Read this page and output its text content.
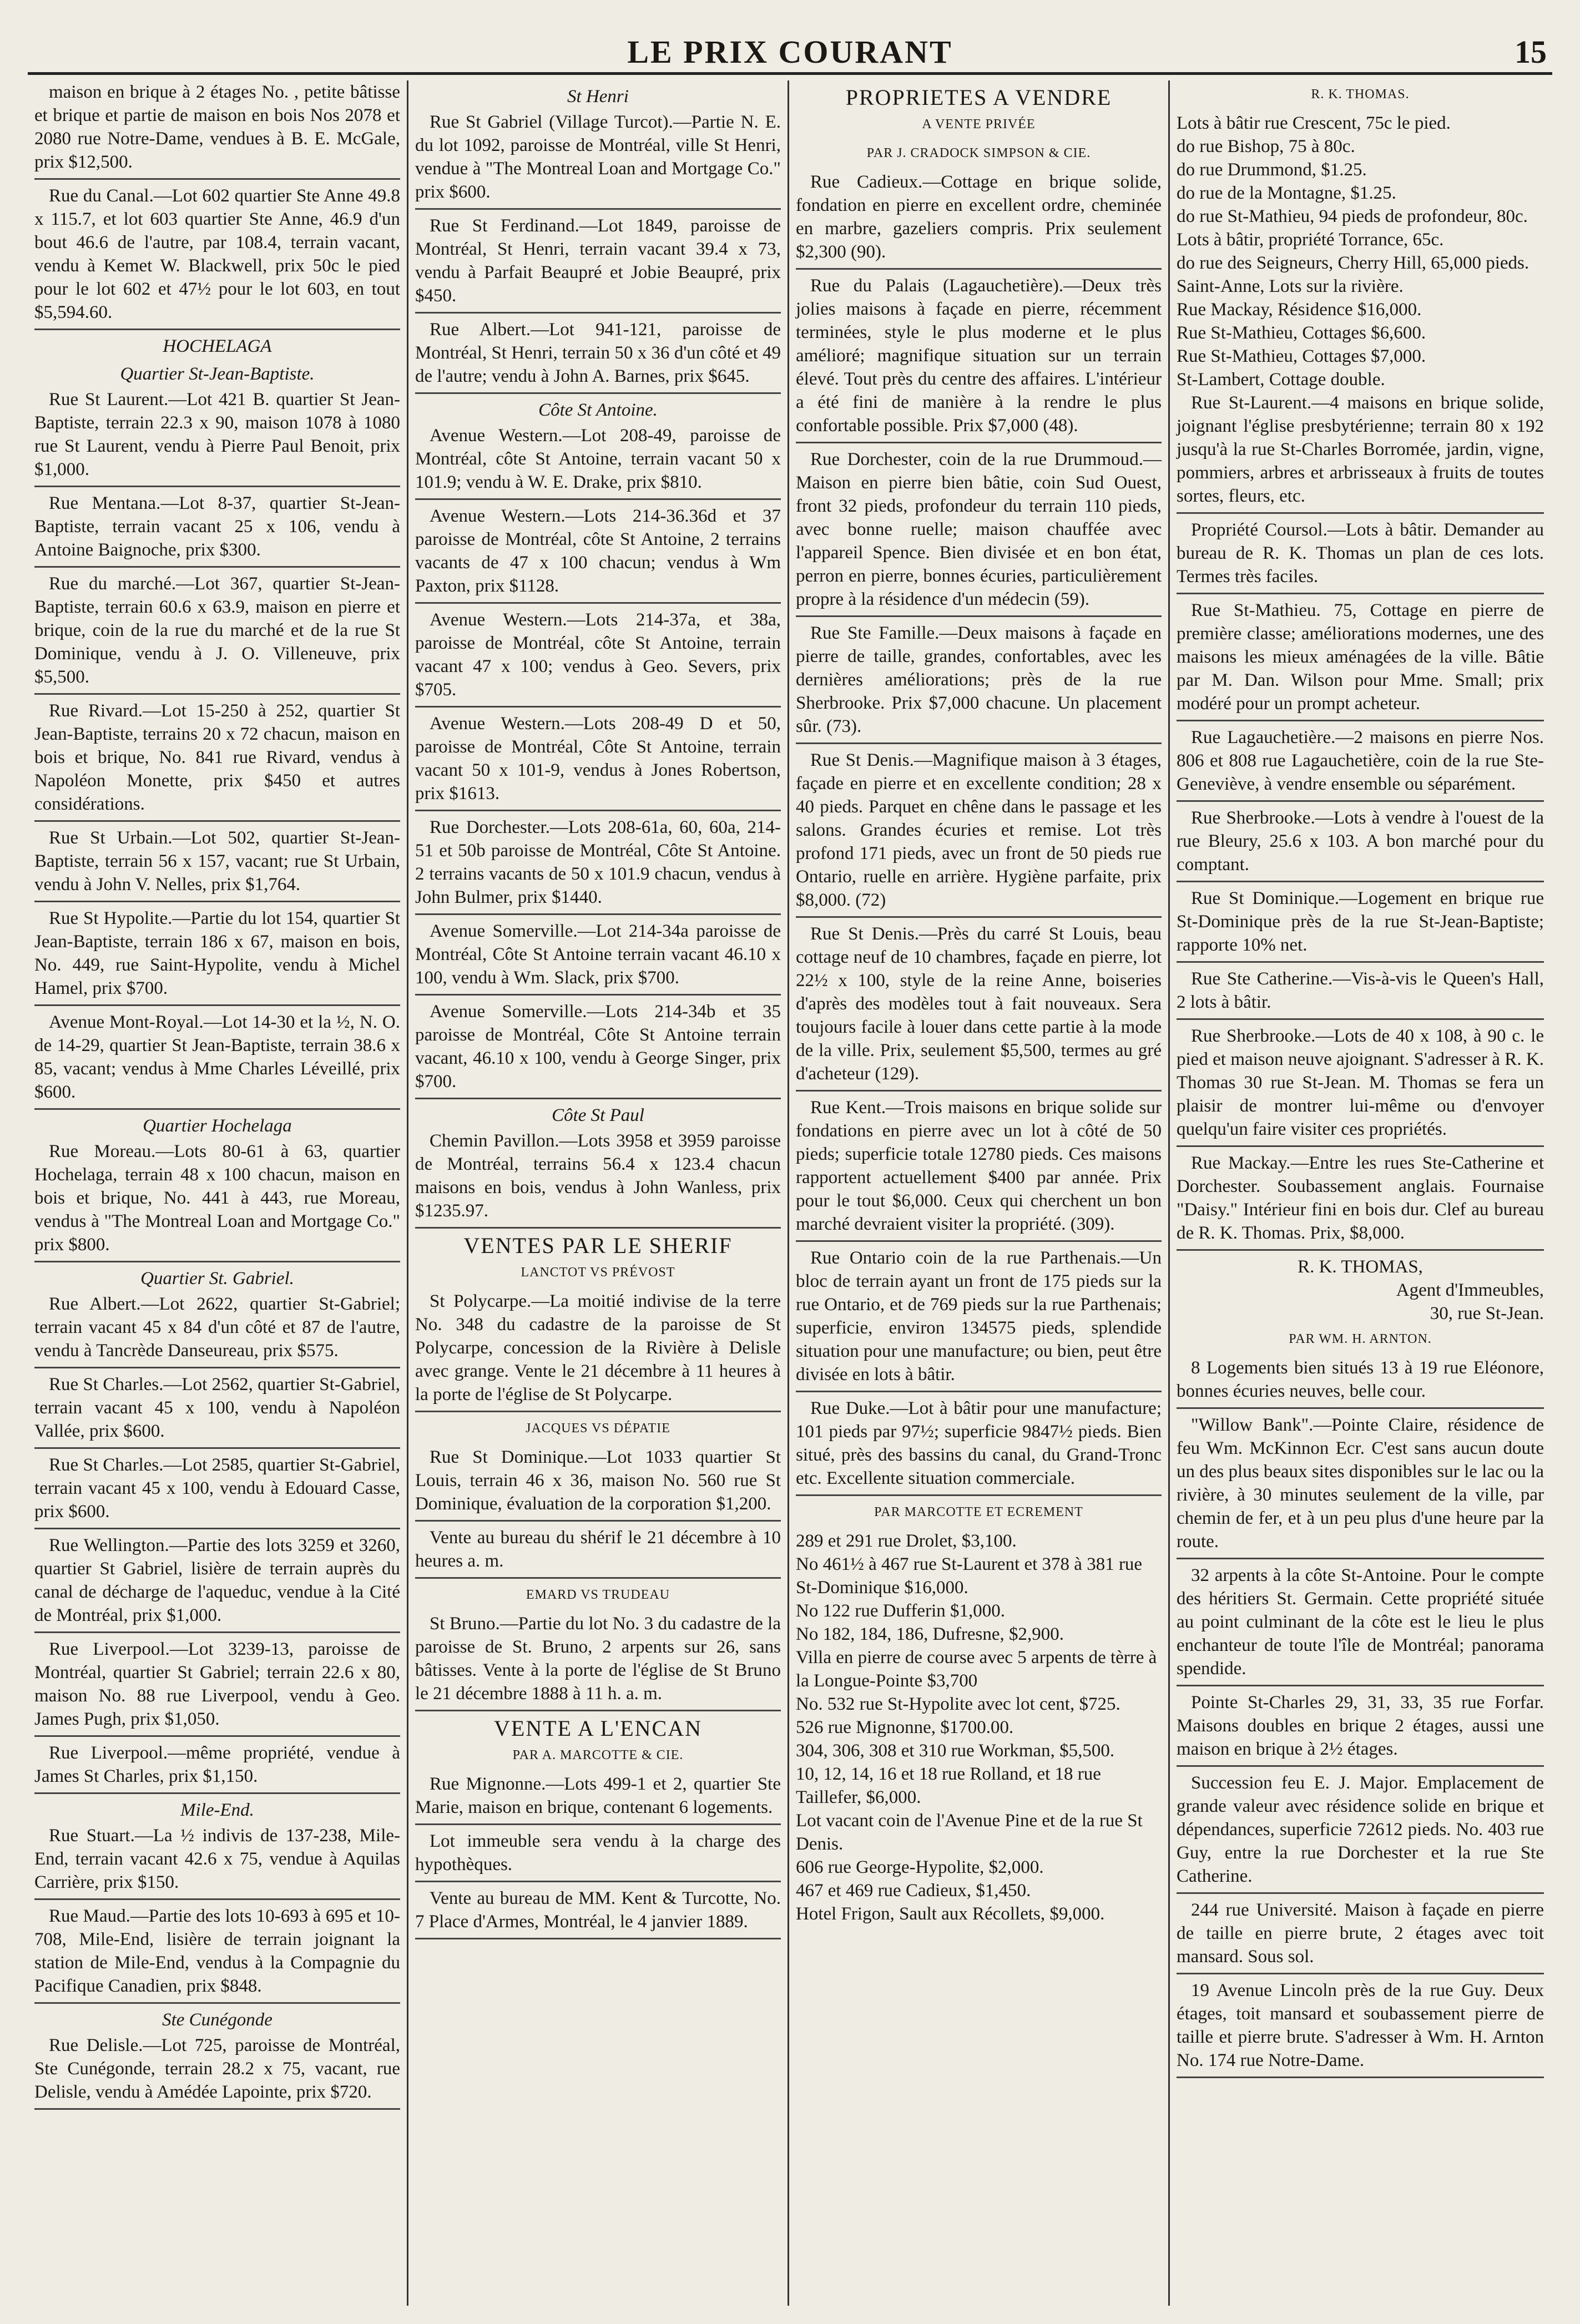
LE PRIX COURANT	15
maison en brique à 2 étages No. , petite bâtisse et brique et partie de maison en bois Nos 2078 et 2080 rue Notre-Dame, vendues à B. E. McGale, prix $12,500.
Rue du Canal.—Lot 602 quartier Ste Anne 49.8 x 115.7, et lot 603 quartier Ste Anne, 46.9 d'un bout 46.6 de l'autre, par 108.4, terrain vacant, vendu à Kemet W. Blackwell, prix 50c le pied pour le lot 602 et 47½ pour le lot 603, en tout $5,594.60.
HOCHELAGA
Quartier St-Jean-Baptiste.
Rue St Laurent.—Lot 421 B. quartier St Jean-Baptiste, terrain 22.3 x 90, maison 1078 à 1080 rue St Laurent, vendu à Pierre Paul Benoit, prix $1,000.
Rue Mentana.—Lot 8-37, quartier St-Jean-Baptiste, terrain vacant 25 x 106, vendu à Antoine Baignoche, prix $300.
Rue du marché.—Lot 367, quartier St-Jean-Baptiste, terrain 60.6 x 63.9, maison en pierre et brique, coin de la rue du marché et de la rue St Dominique, vendu à J. O. Villeneuve, prix $5,500.
Rue Rivard.—Lot 15-250 à 252, quartier St Jean-Baptiste, terrains 20 x 72 chacun, maison en bois et brique, No. 841 rue Rivard, vendus à Napoléon Monette, prix $450 et autres considérations.
Rue St Urbain.—Lot 502, quartier St-Jean-Baptiste, terrain 56 x 157, vacant; rue St Urbain, vendu à John V. Nelles, prix $1,764.
Rue St Hypolite.—Partie du lot 154, quartier St Jean-Baptiste, terrain 186 x 67, maison en bois, No. 449, rue Saint-Hypolite, vendu à Michel Hamel, prix $700.
Avenue Mont-Royal.—Lot 14-30 et la ½, N. O. de 14-29, quartier St Jean-Baptiste, terrain 38.6 x 85, vacant; vendus à Mme Charles Léveillé, prix $600.
Quartier Hochelaga
Rue Moreau.—Lots 80-61 à 63, quartier Hochelaga, terrain 48 x 100 chacun, maison en bois et brique, No. 441 à 443, rue Moreau, vendus à "The Montreal Loan and Mortgage Co." prix $800.
Quartier St. Gabriel.
Rue Albert.—Lot 2622, quartier St-Gabriel; terrain vacant 45 x 84 d'un côté et 87 de l'autre, vendu à Tancrède Danseureau, prix $575.
Rue St Charles.—Lot 2562, quartier St-Gabriel, terrain vacant 45 x 100, vendu à Napoléon Vallée, prix $600.
Rue St Charles.—Lot 2585, quartier St-Gabriel, terrain vacant 45 x 100, vendu à Edouard Casse, prix $600.
Rue Wellington.—Partie des lots 3259 et 3260, quartier St Gabriel, lisière de terrain auprès du canal de décharge de l'aqueduc, vendue à la Cité de Montréal, prix $1,000.
Rue Liverpool.—Lot 3239-13, paroisse de Montréal, quartier St Gabriel; terrain 22.6 x 80, maison No. 88 rue Liverpool, vendu à Geo. James Pugh, prix $1,050.
Rue Liverpool.—même propriété, vendue à James St Charles, prix $1,150.
Mile-End.
Rue Stuart.—La ½ indivis de 137-238, Mile-End, terrain vacant 42.6 x 75, vendue à Aquilas Carrière, prix $150.
Rue Maud.—Partie des lots 10-693 à 695 et 10-708, Mile-End, lisière de terrain joignant la station de Mile-End, vendus à la Compagnie du Pacifique Canadien, prix $848.
Ste Cunégonde
Rue Delisle.—Lot 725, paroisse de Montréal, Ste Cunégonde, terrain 28.2 x 75, vacant, rue Delisle, vendu à Amédée Lapointe, prix $720.
St Henri
Rue St Gabriel (Village Turcot).—Partie N. E. du lot 1092, paroisse de Montréal, ville St Henri, vendue à "The Montreal Loan and Mortgage Co." prix $600.
Rue St Ferdinand.—Lot 1849, paroisse de Montréal, St Henri, terrain vacant 39.4 x 73, vendu à Parfait Beaupré et Jobie Beaupré, prix $450.
Rue Albert.—Lot 941-121, paroisse de Montréal, St Henri, terrain 50 x 36 d'un côté et 49 de l'autre; vendu à John A. Barnes, prix $645.
Côte St Antoine.
Avenue Western.—Lot 208-49, paroisse de Montréal, côte St Antoine, terrain vacant 50 x 101.9; vendu à W. E. Drake, prix $810.
Avenue Western.—Lots 214-36.36d et 37 paroisse de Montréal, côte St Antoine, 2 terrains vacants de 47 x 100 chacun; vendus à Wm Paxton, prix $1128.
Avenue Western.—Lots 214-37a, et 38a, paroisse de Montréal, côte St Antoine, terrain vacant 47 x 100; vendus à Geo. Severs, prix $705.
Avenue Western.—Lots 208-49 D et 50, paroisse de Montréal, Côte St Antoine, terrain vacant 50 x 101-9, vendus à Jones Robertson, prix $1613.
Rue Dorchester.—Lots 208-61a, 60, 60a, 214-51 et 50b paroisse de Montréal, Côte St Antoine. 2 terrains vacants de 50 x 101.9 chacun, vendus à John Bulmer, prix $1440.
Avenue Somerville.—Lot 214-34a paroisse de Montréal, Côte St Antoine terrain vacant 46.10 x 100, vendu à Wm. Slack, prix $700.
Avenue Somerville.—Lots 214-34b et 35 paroisse de Montréal, Côte St Antoine terrain vacant, 46.10 x 100, vendu à George Singer, prix $700.
Côte St Paul
Chemin Pavillon.—Lots 3958 et 3959 paroisse de Montréal, terrains 56.4 x 123.4 chacun maisons en bois, vendus à John Wanless, prix $1235.97.
VENTES PAR LE SHERIF
LANCTOT VS PRÉVOST
St Polycarpe.—La moitié indivise de la terre No. 348 du cadastre de la paroisse de St Polycarpe, concession de la Rivière à Delisle avec grange. Vente le 21 décembre à 11 heures à la porte de l'église de St Polycarpe.
JACQUES VS DÉPATIE
Rue St Dominique.—Lot 1033 quartier St Louis, terrain 46 x 36, maison No. 560 rue St Dominique, évaluation de la corporation $1,200.
Vente au bureau du shérif le 21 décembre à 10 heures a. m.
EMARD VS TRUDEAU
St Bruno.—Partie du lot No. 3 du cadastre de la paroisse de St. Bruno, 2 arpents sur 26, sans bâtisses. Vente à la porte de l'église de St Bruno le 21 décembre 1888 à 11 h. a. m.
VENTE A L'ENCAN
PAR A. MARCOTTE & CIE.
Rue Mignonne.—Lots 499-1 et 2, quartier Ste Marie, maison en brique, contenant 6 logements.
Lot immeuble sera vendu à la charge des hypothèques.
Vente au bureau de MM. Kent & Turcotte, No. 7 Place d'Armes, Montréal, le 4 janvier 1889.
PROPRIETES A VENDRE
A VENTE PRIVÉE
PAR J. CRADOCK SIMPSON & CIE.
Rue Cadieux.—Cottage en brique solide, fondation en pierre en excellent ordre, cheminée en marbre, gazeliers compris. Prix seulement $2,300 (90).
Rue du Palais (Lagauchetière).—Deux très jolies maisons à façade en pierre, récemment terminées, style le plus moderne et le plus amélioré; magnifique situation sur un terrain élevé. Tout près du centre des affaires. L'intérieur a été fini de manière à la rendre le plus confortable possible. Prix $7,000 (48).
Rue Dorchester, coin de la rue Drummoud.—Maison en pierre bien bâtie, coin Sud Ouest, front 32 pieds, profondeur du terrain 110 pieds, avec bonne ruelle; maison chauffée avec l'appareil Spence. Bien divisée et en bon état, perron en pierre, bonnes écuries, particulièrement propre à la résidence d'un médecin (59).
Rue Ste Famille.—Deux maisons à façade en pierre de taille, grandes, confortables, avec les dernières améliorations; près de la rue Sherbrooke. Prix $7,000 chacune. Un placement sûr. (73).
Rue St Denis.—Magnifique maison à 3 étages, façade en pierre et en excellente condition; 28 x 40 pieds. Parquet en chêne dans le passage et les salons. Grandes écuries et remise. Lot très profond 171 pieds, avec un front de 50 pieds rue Ontario, ruelle en arrière. Hygiène parfaite, prix $8,000. (72)
Rue St Denis.—Près du carré St Louis, beau cottage neuf de 10 chambres, façade en pierre, lot 22½ x 100, style de la reine Anne, boiseries d'après des modèles tout à fait nouveaux. Sera toujours facile à louer dans cette partie à la mode de la ville. Prix, seulement $5,500, termes au gré d'acheteur (129).
Rue Kent.—Trois maisons en brique solide sur fondations en pierre avec un lot à côté de 50 pieds; superficie totale 12780 pieds. Ces maisons rapportent actuellement $400 par année. Prix pour le tout $6,000. Ceux qui cherchent un bon marché devraient visiter la propriété. (309).
Rue Ontario coin de la rue Parthenais.—Un bloc de terrain ayant un front de 175 pieds sur la rue Ontario, et de 769 pieds sur la rue Parthenais; superficie, environ 134575 pieds, splendide situation pour une manufacture; ou bien, peut être divisée en lots à bâtir.
Rue Duke.—Lot à bâtir pour une manufacture; 101 pieds par 97½; superficie 9847½ pieds. Bien situé, près des bassins du canal, du Grand-Tronc etc. Excellente situation commerciale.
PAR MARCOTTE ET ECREMENT
289 et 291 rue Drolet, $3,100.
No 461½ à 467 rue St-Laurent et 378 à 381 rue St-Dominique $16,000.
No 122 rue Dufferin $1,000.
No 182, 184, 186, Dufresne, $2,900.
Villa en pierre de course avec 5 arpents de tèrre à la Longue-Pointe $3,700
No. 532 rue St-Hypolite avec lot cent, $725.
526 rue Mignonne, $1700.00.
304, 306, 308 et 310 rue Workman, $5,500.
10, 12, 14, 16 et 18 rue Rolland, et 18 rue Taillefer, $6,000.
Lot vacant coin de l'Avenue Pine et de la rue St Denis.
606 rue George-Hypolite, $2,000.
467 et 469 rue Cadieux, $1,450.
Hotel Frigon, Sault aux Récollets, $9,000.
R. K. THOMAS.
Lots à bâtir rue Crescent, 75c le pied.
do rue Bishop, 75 à 80c.
do rue Drummond, $1.25.
do rue de la Montagne, $1.25.
do rue St-Mathieu, 94 pieds de profondeur, 80c.
Lots à bâtir, propriété Torrance, 65c.
do rue des Seigneurs, Cherry Hill, 65,000 pieds.
Saint-Anne, Lots sur la rivière.
Rue Mackay, Résidence $16,000.
Rue St-Mathieu, Cottages $6,600.
Rue St-Mathieu, Cottages $7,000.
St-Lambert, Cottage double.
Rue St-Laurent.—4 maisons en brique solide, joignant l'église presbytérienne; terrain 80 x 192 jusqu'à la rue St-Charles Borromée, jardin, vigne, pommiers, arbres et arbrisseaux à fruits de toutes sortes, fleurs, etc.
Propriété Coursol.—Lots à bâtir. Demander au bureau de R. K. Thomas un plan de ces lots. Termes très faciles.
Rue St-Mathieu. 75, Cottage en pierre de première classe; améliorations modernes, une des maisons les mieux aménagées de la ville. Bâtie par M. Dan. Wilson pour Mme. Small; prix modéré pour un prompt acheteur.
Rue Lagauchetière.—2 maisons en pierre Nos. 806 et 808 rue Lagauchetière, coin de la rue Ste-Geneviève, à vendre ensemble ou séparément.
Rue Sherbrooke.—Lots à vendre à l'ouest de la rue Bleury, 25.6 x 103. A bon marché pour du comptant.
Rue St Dominique.—Logement en brique rue St-Dominique près de la rue St-Jean-Baptiste; rapporte 10% net.
Rue Ste Catherine.—Vis-à-vis le Queen's Hall, 2 lots à bâtir.
Rue Sherbrooke.—Lots de 40 x 108, à 90 c. le pied et maison neuve ajoignant. S'adresser à R. K. Thomas 30 rue St-Jean. M. Thomas se fera un plaisir de montrer lui-même ou d'envoyer quelqu'un faire visiter ces propriétés.
Rue Mackay.—Entre les rues Ste-Catherine et Dorchester. Soubassement anglais. Fournaise "Daisy." Intérieur fini en bois dur. Clef au bureau de R. K. Thomas. Prix, $8,000.
R. K. THOMAS,
Agent d'Immeubles,
30, rue St-Jean.
PAR WM. H. ARNTON.
8 Logements bien situés 13 à 19 rue Eléonore, bonnes écuries neuves, belle cour.
"Willow Bank".—Pointe Claire, résidence de feu Wm. McKinnon Ecr. C'est sans aucun doute un des plus beaux sites disponibles sur le lac ou la rivière, à 30 minutes seulement de la ville, par chemin de fer, et à un peu plus d'une heure par la route.
32 arpents à la côte St-Antoine. Pour le compte des héritiers St. Germain. Cette propriété située au point culminant de la côte est le lieu le plus enchanteur de toute l'île de Montréal; panorama spendide.
Pointe St-Charles 29, 31, 33, 35 rue Forfar. Maisons doubles en brique 2 étages, aussi une maison en brique à 2½ étages.
Succession feu E. J. Major. Emplacement de grande valeur avec résidence solide en brique et dépendances, superficie 72612 pieds. No. 403 rue Guy, entre la rue Dorchester et la rue Ste Catherine.
244 rue Université. Maison à façade en pierre de taille en pierre brute, 2 étages avec toit mansard. Sous sol.
19 Avenue Lincoln près de la rue Guy. Deux étages, toit mansard et soubassement pierre de taille et pierre brute. S'adresser à Wm. H. Arnton No. 174 rue Notre-Dame.
